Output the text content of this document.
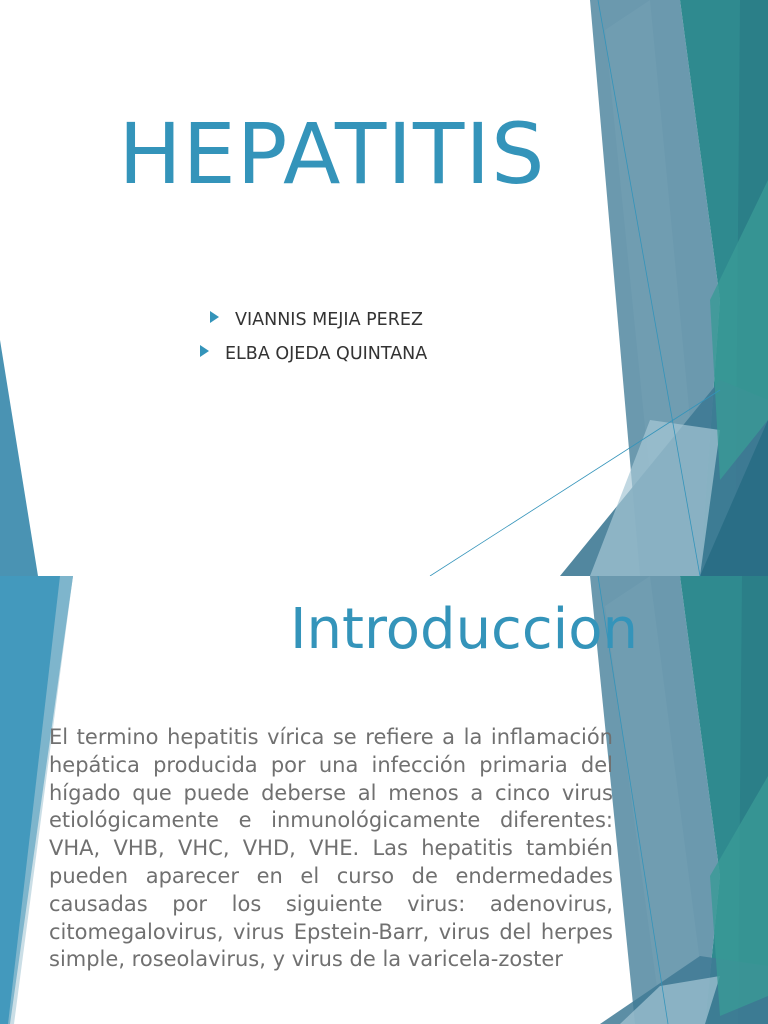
HEPATITIS
VIANNIS MEJIA PEREZ
ELBA OJEDA QUINTANA
Introduccion
El termino hepatitis vírica se refiere a la inflamación hepática producida por una infección primaria del hígado que puede deberse al menos a cinco virus etiológicamente e inmunológicamente diferentes: VHA, VHB, VHC, VHD, VHE. Las hepatitis también pueden aparecer en el curso de endermedades causadas por los siguiente virus: adenovirus, citomegalovirus, virus Epstein-Barr, virus del herpes simple, roseolavirus, y virus de la varicela-zoster
